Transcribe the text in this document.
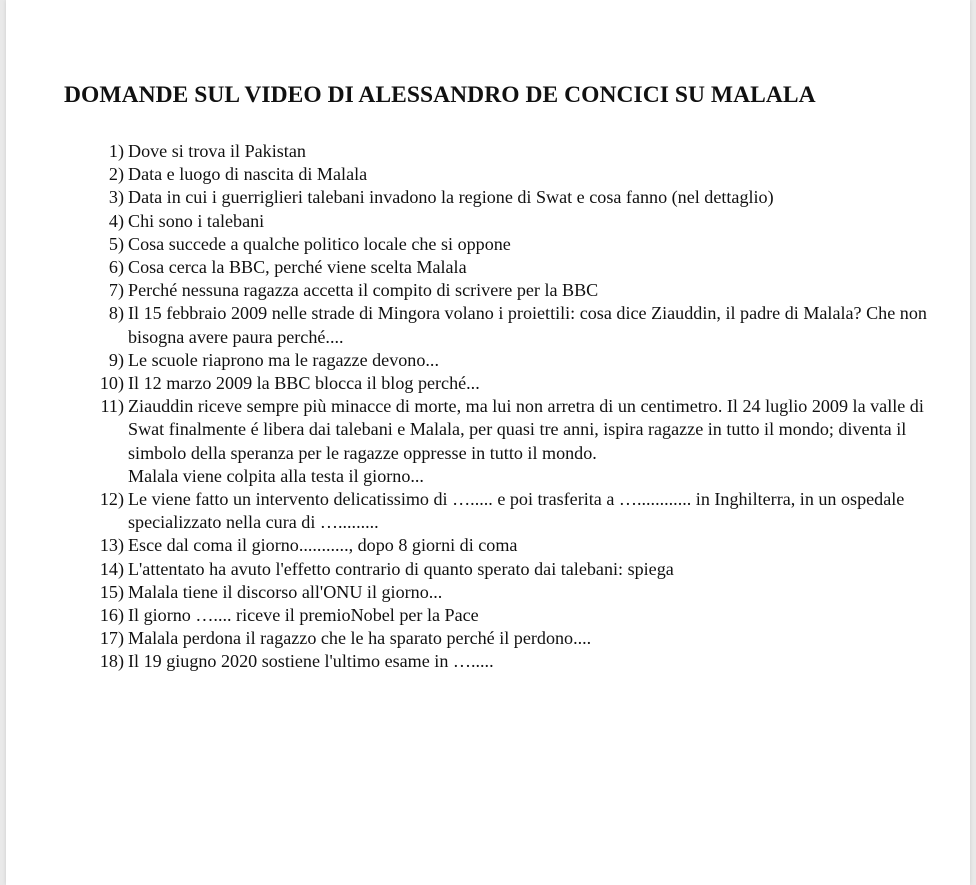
DOMANDE SUL VIDEO DI ALESSANDRO DE CONCICI SU MALALA
1) Dove si trova il Pakistan
2) Data e luogo di nascita di Malala
3) Data in cui i guerriglieri talebani invadono la regione di Swat e cosa fanno (nel dettaglio)
4) Chi sono i talebani
5) Cosa succede a qualche politico locale che si oppone
6) Cosa cerca la BBC, perché viene scelta Malala
7) Perché nessuna ragazza accetta il compito di scrivere per la BBC
8) Il 15 febbraio 2009 nelle strade di Mingora volano i proiettili: cosa dice Ziauddin, il padre di Malala? Che non bisogna avere paura perché....
9) Le scuole riaprono ma le ragazze devono...
10) Il 12 marzo 2009 la BBC blocca il blog perché...
11) Ziauddin riceve sempre più minacce di morte, ma lui non arretra di un centimetro. Il 24 luglio 2009 la valle di Swat finalmente é libera dai talebani e Malala, per quasi tre anni, ispira ragazze in tutto il mondo; diventa il simbolo della speranza per le ragazze oppresse in tutto il mondo.
Malala viene colpita alla testa il giorno...
12) Le viene fatto un intervento delicatissimo di …..... e poi trasferita a …............ in Inghilterra, in un ospedale specializzato nella cura di ….........
13) Esce dal coma il giorno..........., dopo 8 giorni di coma
14) L'attentato ha avuto l'effetto contrario di quanto sperato dai talebani: spiega
15) Malala tiene il discorso all'ONU il giorno...
16) Il giorno ….... riceve il premioNobel per la Pace
17) Malala perdona il ragazzo che le ha sparato perché il perdono....
18) Il 19 giugno 2020 sostiene l'ultimo esame in ….....
